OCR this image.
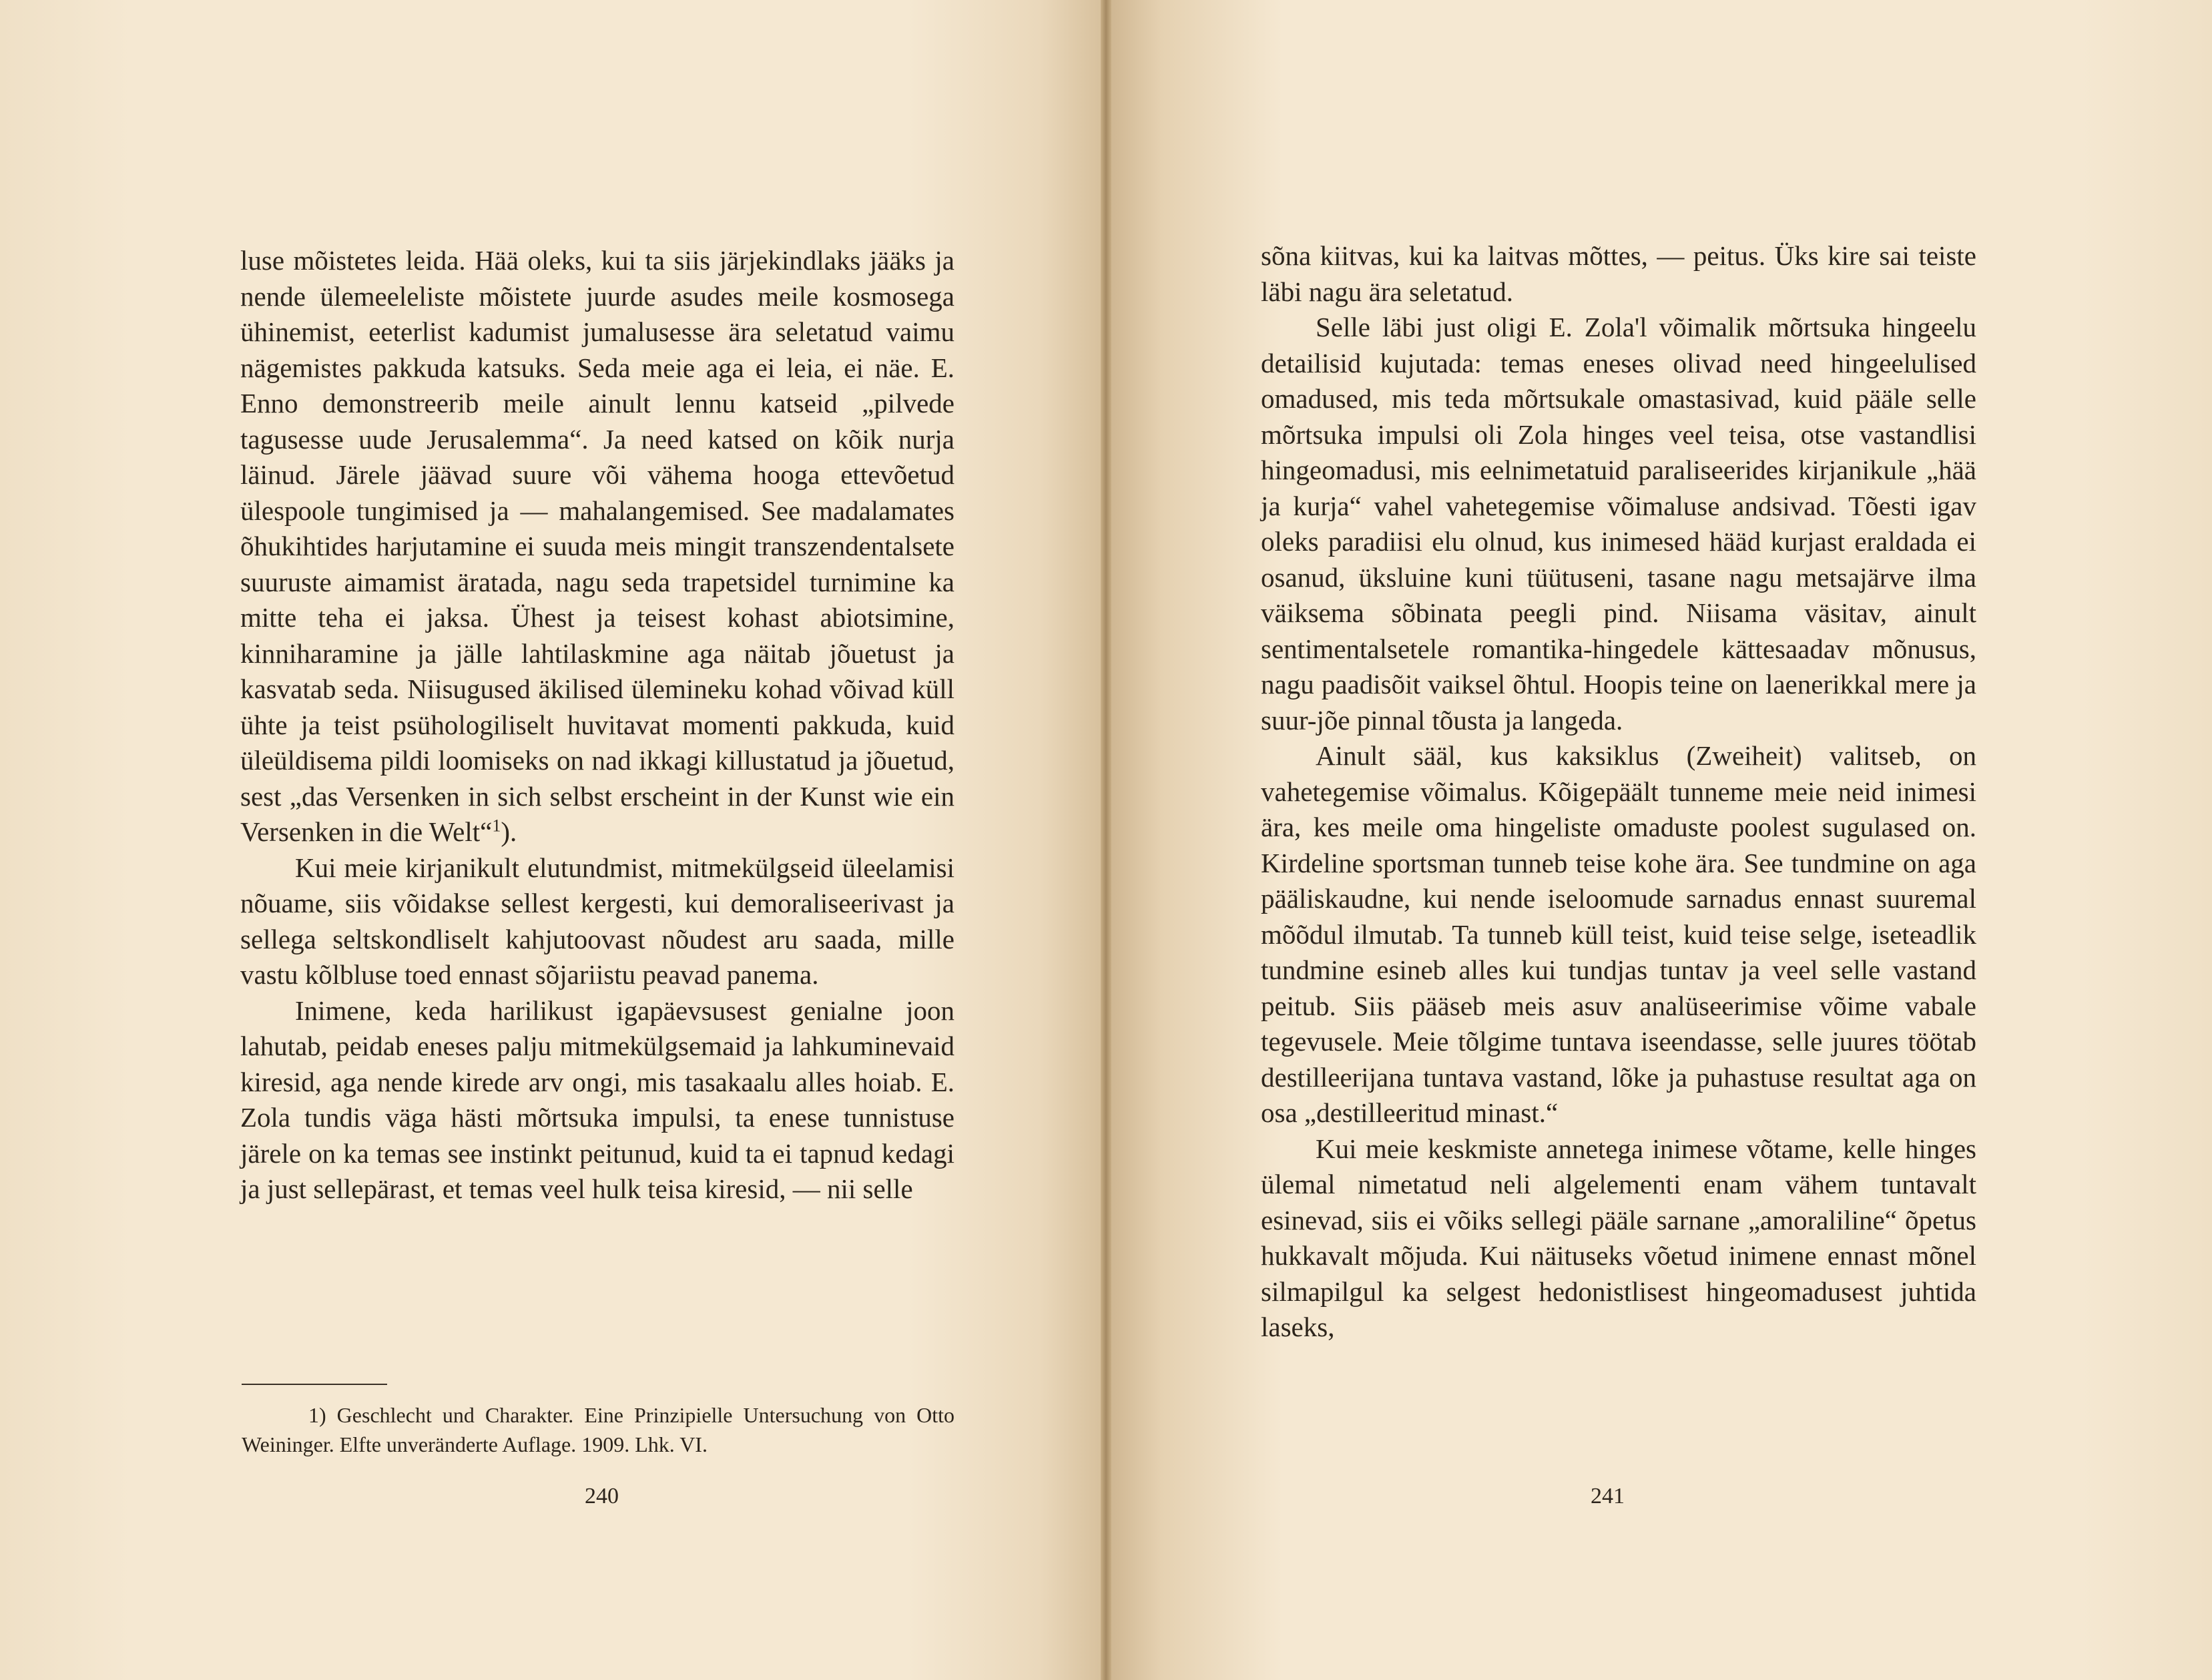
luse mõistetes leida. Hää oleks, kui ta siis järjekindlaks jääks ja nende ülemeeleliste mõistete juurde asudes meile kosmosega ühinemist, eeterlist kadumist jumalusesse ära seletatud vaimu nägemistes pakkuda katsuks. Seda meie aga ei leia, ei näe. E. Enno demonstreerib meile ainult lennu katseid „pilvede tagusesse uude Jerusalemma“. Ja need katsed on kõik nurja läinud. Järele jäävad suure või vähema hooga ettevõetud ülespoole tungimised ja — mahalangemised. See madalamates õhukihtides harjutamine ei suuda meis mingit transzendentalsete suuruste aimamist äratada, nagu seda trapetsidel turnimine ka mitte teha ei jaksa. Ühest ja teisest kohast abiotsimine, kinniharamine ja jälle lahtilaskmine aga näitab jõuetust ja kasvatab seda. Niisugused äkilised ülemineku kohad võivad küll ühte ja teist psühologiliselt huvitavat momenti pakkuda, kuid üleüldisema pildi loomiseks on nad ikkagi killustatud ja jõuetud, sest „das Versenken in sich selbst erscheint in der Kunst wie ein Versenken in die Welt“$^1$).

Kui meie kirjanikult elutundmist, mitmekülgseid üleelamisi nõuame, siis võidakse sellest kergesti, kui demoraliseerivast ja sellega seltskondliselt kahjutoovast nõudest aru saada, mille vastu kõlbluse toed ennast sõjariistu peavad panema.

Inimene, keda harilikust igapäevsusest genialne joon lahutab, peidab eneses palju mitmekülgsemaid ja lahkuminevaid kiresid, aga nende kirede arv ongi, mis tasakaalu alles hoiab. E. Zola tundis väga hästi mõrtsuka impulsi, ta enese tunnistuse järele on ka temas see instinkt peitunud, kuid ta ei tapnud kedagi ja just sellepärast, et temas veel hulk teisa kiresid, — nii selle

1) Geschlecht und Charakter. Eine Prinzipielle Untersuchung von Otto Weininger. Elfte unveränderte Auflage. 1909. Lhk. VI.

240

sõna kiitvas, kui ka laitvas mõttes, — peitus. Üks kire sai teiste läbi nagu ära seletatud.

Selle läbi just oligi E. Zola'l võimalik mõrtsuka hingeelu detailisid kujutada: temas eneses olivad need hingeelulised omadused, mis teda mõrtsukale omastasivad, kuid pääle selle mõrtsuka impulsi oli Zola hinges veel teisa, otse vastandlisi hingeomadusi, mis eelnimetatuid paraliseerides kirjanikule „hää ja kurja“ vahel vahetegemise võimaluse andsivad. Tõesti igav oleks paradiisi elu olnud, kus inimesed hääd kurjast eraldada ei osanud, üksluine kuni tüütuseni, tasane nagu metsajärve ilma väiksema sõbinata peegli pind. Niisama väsitav, ainult sentimentalsetele romantika-hingedele kättesaadav mõnusus, nagu paadisõit vaiksel õhtul. Hoopis teine on laenerikkal mere ja suur-jõe pinnal tõusta ja langeda.

Ainult sääl, kus kaksiklus (Zweiheit) valitseb, on vahetegemise võimalus. Kõigepäält tunneme meie neid inimesi ära, kes meile oma hingeliste omaduste poolest sugulased on. Kirdeline sportsman tunneb teise kohe ära. See tundmine on aga pääliskaudne, kui nende iseloomude sarnadus ennast suuremal mõõdul ilmutab. Ta tunneb küll teist, kuid teise selge, iseteadlik tundmine esineb alles kui tundjas tuntav ja veel selle vastand peitub. Siis pääseb meis asuv analüseerimise võime vabale tegevusele. Meie tõlgime tuntava iseendasse, selle juures töötab destilleerijana tuntava vastand, lõke ja puhastuse resultat aga on osa „destilleeritud minast.“

Kui meie keskmiste annetega inimese võtame, kelle hinges ülemal nimetatud neli algelementi enam vähem tuntavalt esinevad, siis ei võiks sellegi pääle sarnane „amoraliline“ õpetus hukkavalt mõjuda. Kui näituseks võetud inimene ennast mõnel silmapilgul ka selgest hedonistlisest hingeomadusest juhtida laseks,

241
